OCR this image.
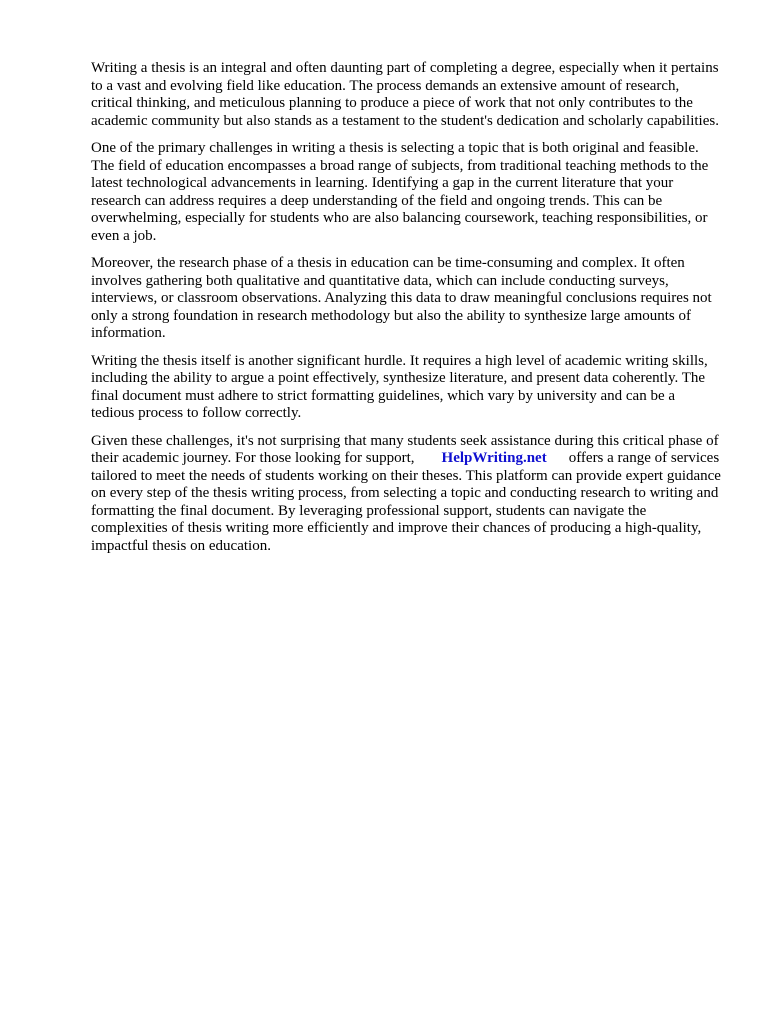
Writing a thesis is an integral and often daunting part of completing a degree, especially when it pertains to a vast and evolving field like education. The process demands an extensive amount of research, critical thinking, and meticulous planning to produce a piece of work that not only contributes to the academic community but also stands as a testament to the student's dedication and scholarly capabilities.

One of the primary challenges in writing a thesis is selecting a topic that is both original and feasible. The field of education encompasses a broad range of subjects, from traditional teaching methods to the latest technological advancements in learning. Identifying a gap in the current literature that your research can address requires a deep understanding of the field and ongoing trends. This can be overwhelming, especially for students who are also balancing coursework, teaching responsibilities, or even a job.

Moreover, the research phase of a thesis in education can be time-consuming and complex. It often involves gathering both qualitative and quantitative data, which can include conducting surveys, interviews, or classroom observations. Analyzing this data to draw meaningful conclusions requires not only a strong foundation in research methodology but also the ability to synthesize large amounts of information.

Writing the thesis itself is another significant hurdle. It requires a high level of academic writing skills, including the ability to argue a point effectively, synthesize literature, and present data coherently. The final document must adhere to strict formatting guidelines, which vary by university and can be a tedious process to follow correctly.

Given these challenges, it's not surprising that many students seek assistance during this critical phase of their academic journey. For those looking for support, HelpWriting.net offers a range of services tailored to meet the needs of students working on their theses. This platform can provide expert guidance on every step of the thesis writing process, from selecting a topic and conducting research to writing and formatting the final document. By leveraging professional support, students can navigate the complexities of thesis writing more efficiently and improve their chances of producing a high-quality, impactful thesis on education.
